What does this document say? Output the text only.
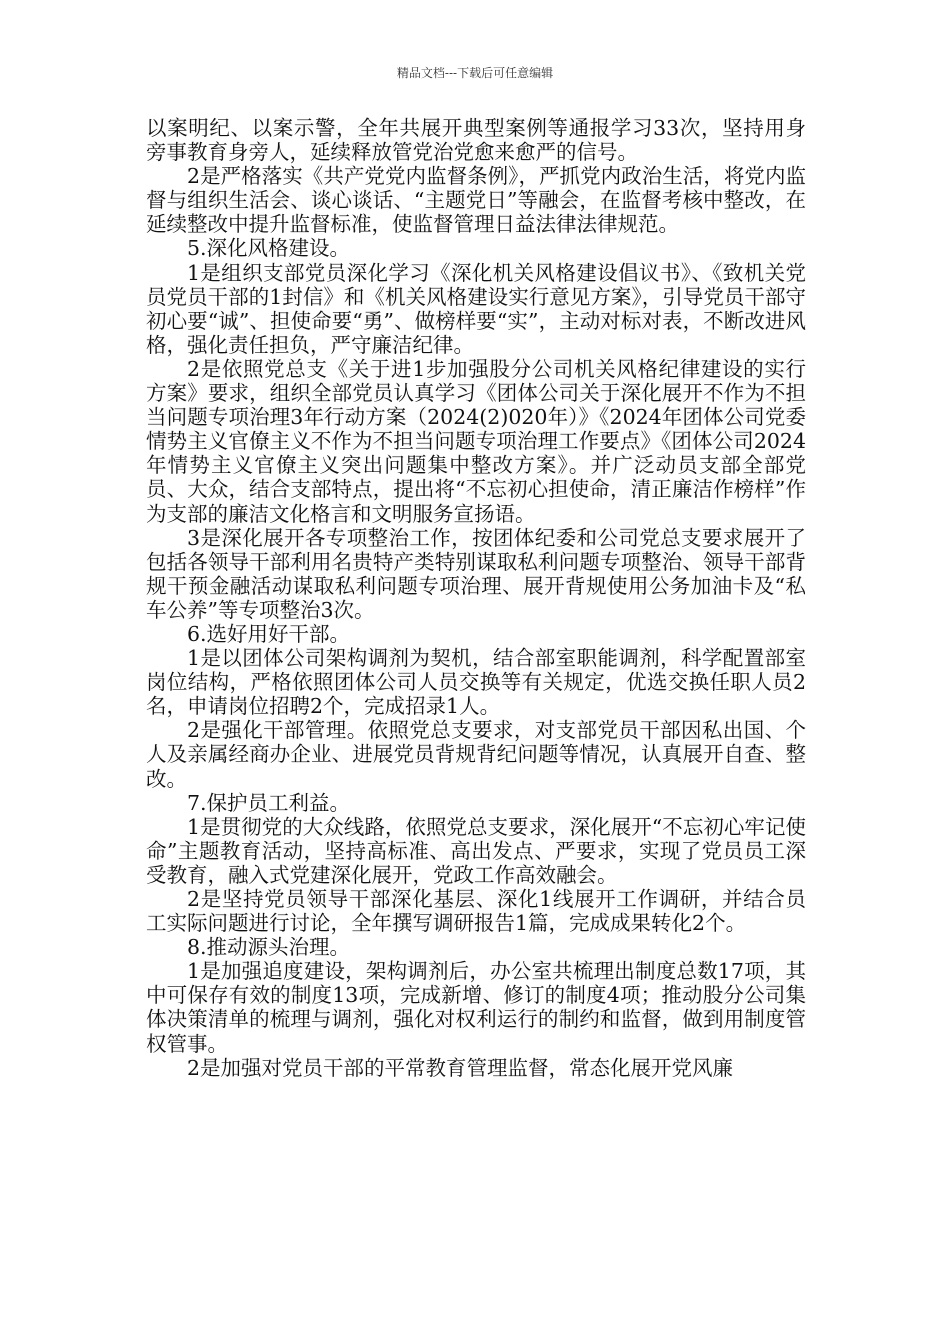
精品文档---下载后可任意编辑

以案明纪、以案示警，全年共展开典型案例等通报学习33次，坚持用身旁事教育身旁人，延续释放管党治党愈来愈严的信号。

2是严格落实《共产党党内监督条例》，严抓党内政治生活，将党内监督与组织生活会、谈心谈话、“主题党日”等融会，在监督考核中整改，在延续整改中提升监督标准，使监督管理日益法律法律规范。

5.深化风格建设。

1是组织支部党员深化学习《深化机关风格建设倡议书》、《致机关党员党员干部的1封信》和《机关风格建设实行意见方案》，引导党员干部守初心要“诚”、担使命要“勇”、做榜样要“实”，主动对标对表，不断改进风格，强化责任担负，严守廉洁纪律。

2是依照党总支《关于进1步加强股分公司机关风格纪律建设的实行方案》要求，组织全部党员认真学习《团体公司关于深化展开不作为不担当问题专项治理3年行动方案（2024(2)020年）》《2024年团体公司党委情势主义官僚主义不作为不担当问题专项治理工作要点》《团体公司2024年情势主义官僚主义突出问题集中整改方案》。并广泛动员支部全部党员、大众，结合支部特点，提出将“不忘初心担使命，清正廉洁作榜样”作为支部的廉洁文化格言和文明服务宣扬语。

3是深化展开各专项整治工作，按团体纪委和公司党总支要求展开了包括各领导干部利用名贵特产类特别谋取私利问题专项整治、领导干部背规干预金融活动谋取私利问题专项治理、展开背规使用公务加油卡及“私车公养”等专项整治3次。

6.选好用好干部。

1是以团体公司架构调剂为契机，结合部室职能调剂，科学配置部室岗位结构，严格依照团体公司人员交换等有关规定，优选交换任职人员2名，申请岗位招聘2个，完成招录1人。

2是强化干部管理。依照党总支要求，对支部党员干部因私出国、个人及亲属经商办企业、进展党员背规背纪问题等情况，认真展开自查、整改。

7.保护员工利益。

1是贯彻党的大众线路，依照党总支要求，深化展开“不忘初心牢记使命”主题教育活动，坚持高标准、高出发点、严要求，实现了党员员工深受教育，融入式党建深化展开，党政工作高效融会。

2是坚持党员领导干部深化基层、深化1线展开工作调研，并结合员工实际问题进行讨论，全年撰写调研报告1篇，完成成果转化2个。

8.推动源头治理。

1是加强追度建设，架构调剂后，办公室共梳理出制度总数17项，其中可保存有效的制度13项，完成新增、修订的制度4项；推动股分公司集体决策清单的梳理与调剂，强化对权利运行的制约和监督，做到用制度管权管事。

2是加强对党员干部的平常教育管理监督，常态化展开党风廉
